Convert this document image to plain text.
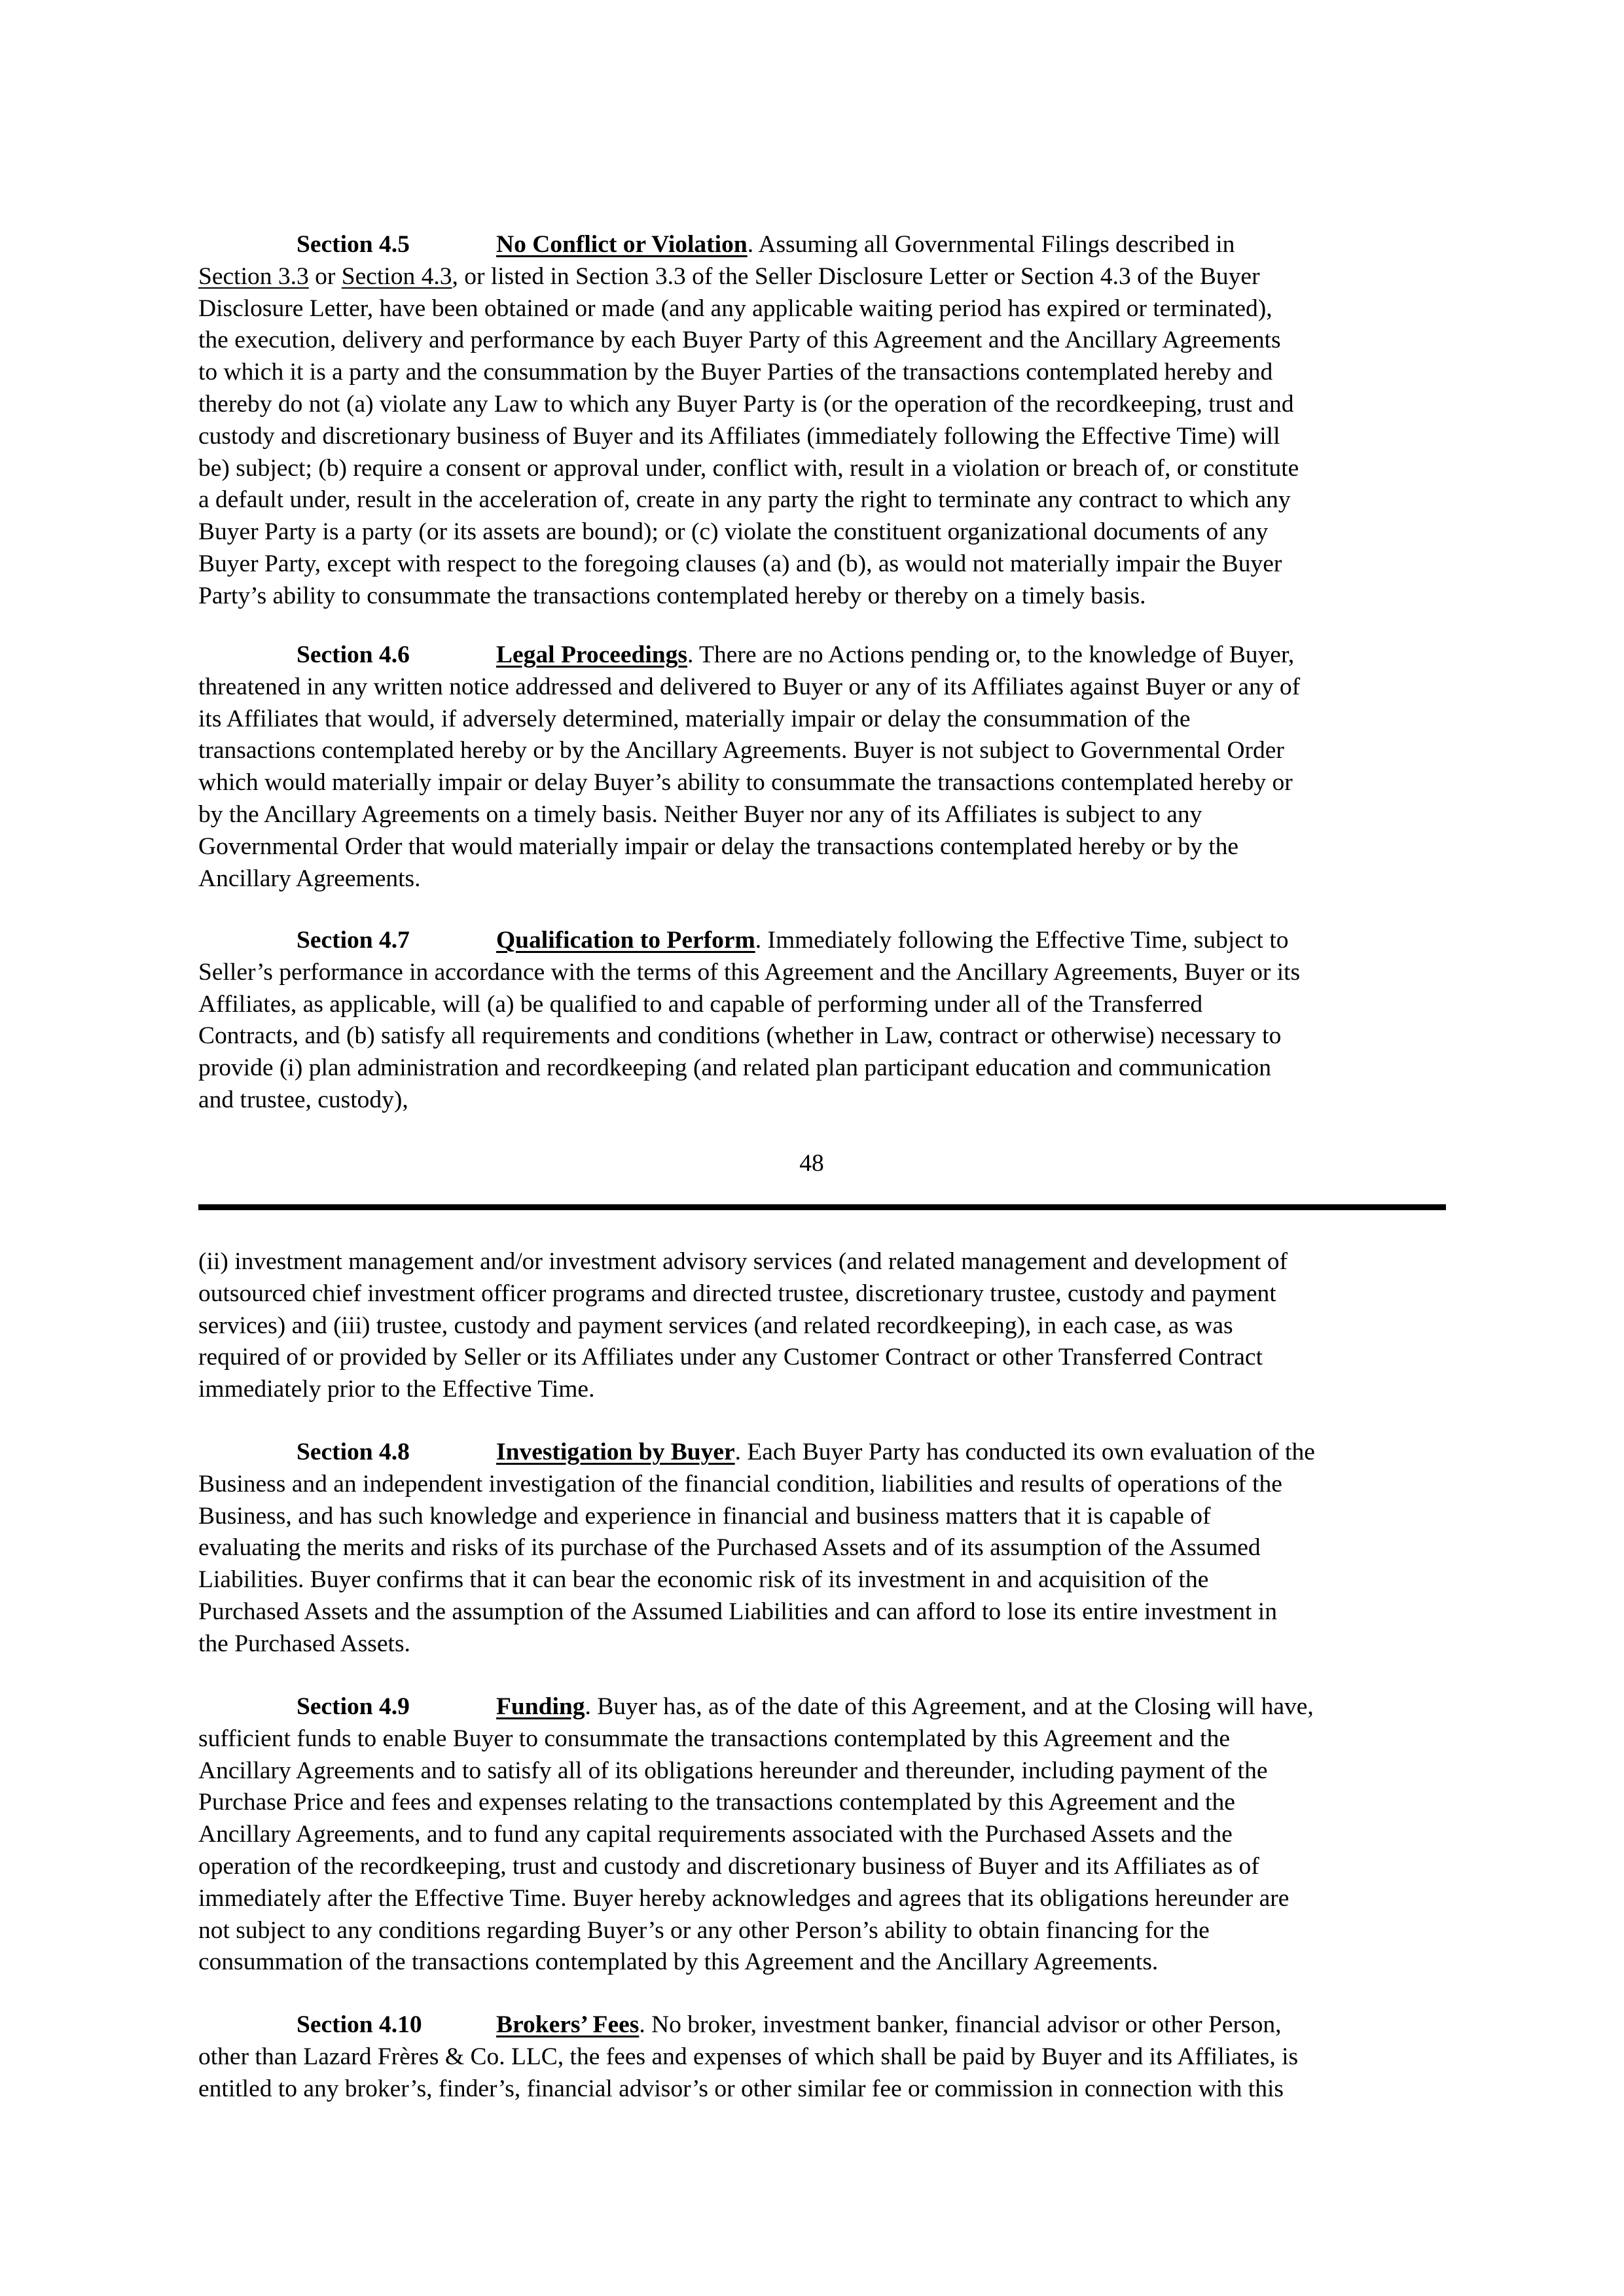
Section 4.5	No Conflict or Violation. Assuming all Governmental Filings described in
Section 3.3 or Section 4.3, or listed in Section 3.3 of the Seller Disclosure Letter or Section 4.3 of the Buyer
Disclosure Letter, have been obtained or made (and any applicable waiting period has expired or terminated),
the execution, delivery and performance by each Buyer Party of this Agreement and the Ancillary Agreements
to which it is a party and the consummation by the Buyer Parties of the transactions contemplated hereby and
thereby do not (a) violate any Law to which any Buyer Party is (or the operation of the recordkeeping, trust and
custody and discretionary business of Buyer and its Affiliates (immediately following the Effective Time) will
be) subject; (b) require a consent or approval under, conflict with, result in a violation or breach of, or constitute
a default under, result in the acceleration of, create in any party the right to terminate any contract to which any
Buyer Party is a party (or its assets are bound); or (c) violate the constituent organizational documents of any
Buyer Party, except with respect to the foregoing clauses (a) and (b), as would not materially impair the Buyer
Party’s ability to consummate the transactions contemplated hereby or thereby on a timely basis.
Section 4.6	Legal Proceedings. There are no Actions pending or, to the knowledge of Buyer,
threatened in any written notice addressed and delivered to Buyer or any of its Affiliates against Buyer or any of
its Affiliates that would, if adversely determined, materially impair or delay the consummation of the
transactions contemplated hereby or by the Ancillary Agreements. Buyer is not subject to Governmental Order
which would materially impair or delay Buyer’s ability to consummate the transactions contemplated hereby or
by the Ancillary Agreements on a timely basis. Neither Buyer nor any of its Affiliates is subject to any
Governmental Order that would materially impair or delay the transactions contemplated hereby or by the
Ancillary Agreements.
Section 4.7	Qualification to Perform. Immediately following the Effective Time, subject to
Seller’s performance in accordance with the terms of this Agreement and the Ancillary Agreements, Buyer or its
Affiliates, as applicable, will (a) be qualified to and capable of performing under all of the Transferred
Contracts, and (b) satisfy all requirements and conditions (whether in Law, contract or otherwise) necessary to
provide (i) plan administration and recordkeeping (and related plan participant education and communication
and trustee, custody),
48
(ii) investment management and/or investment advisory services (and related management and development of
outsourced chief investment officer programs and directed trustee, discretionary trustee, custody and payment
services) and (iii) trustee, custody and payment services (and related recordkeeping), in each case, as was
required of or provided by Seller or its Affiliates under any Customer Contract or other Transferred Contract
immediately prior to the Effective Time.
Section 4.8	Investigation by Buyer. Each Buyer Party has conducted its own evaluation of the
Business and an independent investigation of the financial condition, liabilities and results of operations of the
Business, and has such knowledge and experience in financial and business matters that it is capable of
evaluating the merits and risks of its purchase of the Purchased Assets and of its assumption of the Assumed
Liabilities. Buyer confirms that it can bear the economic risk of its investment in and acquisition of the
Purchased Assets and the assumption of the Assumed Liabilities and can afford to lose its entire investment in
the Purchased Assets.
Section 4.9	Funding. Buyer has, as of the date of this Agreement, and at the Closing will have,
sufficient funds to enable Buyer to consummate the transactions contemplated by this Agreement and the
Ancillary Agreements and to satisfy all of its obligations hereunder and thereunder, including payment of the
Purchase Price and fees and expenses relating to the transactions contemplated by this Agreement and the
Ancillary Agreements, and to fund any capital requirements associated with the Purchased Assets and the
operation of the recordkeeping, trust and custody and discretionary business of Buyer and its Affiliates as of
immediately after the Effective Time. Buyer hereby acknowledges and agrees that its obligations hereunder are
not subject to any conditions regarding Buyer’s or any other Person’s ability to obtain financing for the
consummation of the transactions contemplated by this Agreement and the Ancillary Agreements.
Section 4.10	Brokers’ Fees. No broker, investment banker, financial advisor or other Person,
other than Lazard Frères & Co. LLC, the fees and expenses of which shall be paid by Buyer and its Affiliates, is
entitled to any broker’s, finder’s, financial advisor’s or other similar fee or commission in connection with this
